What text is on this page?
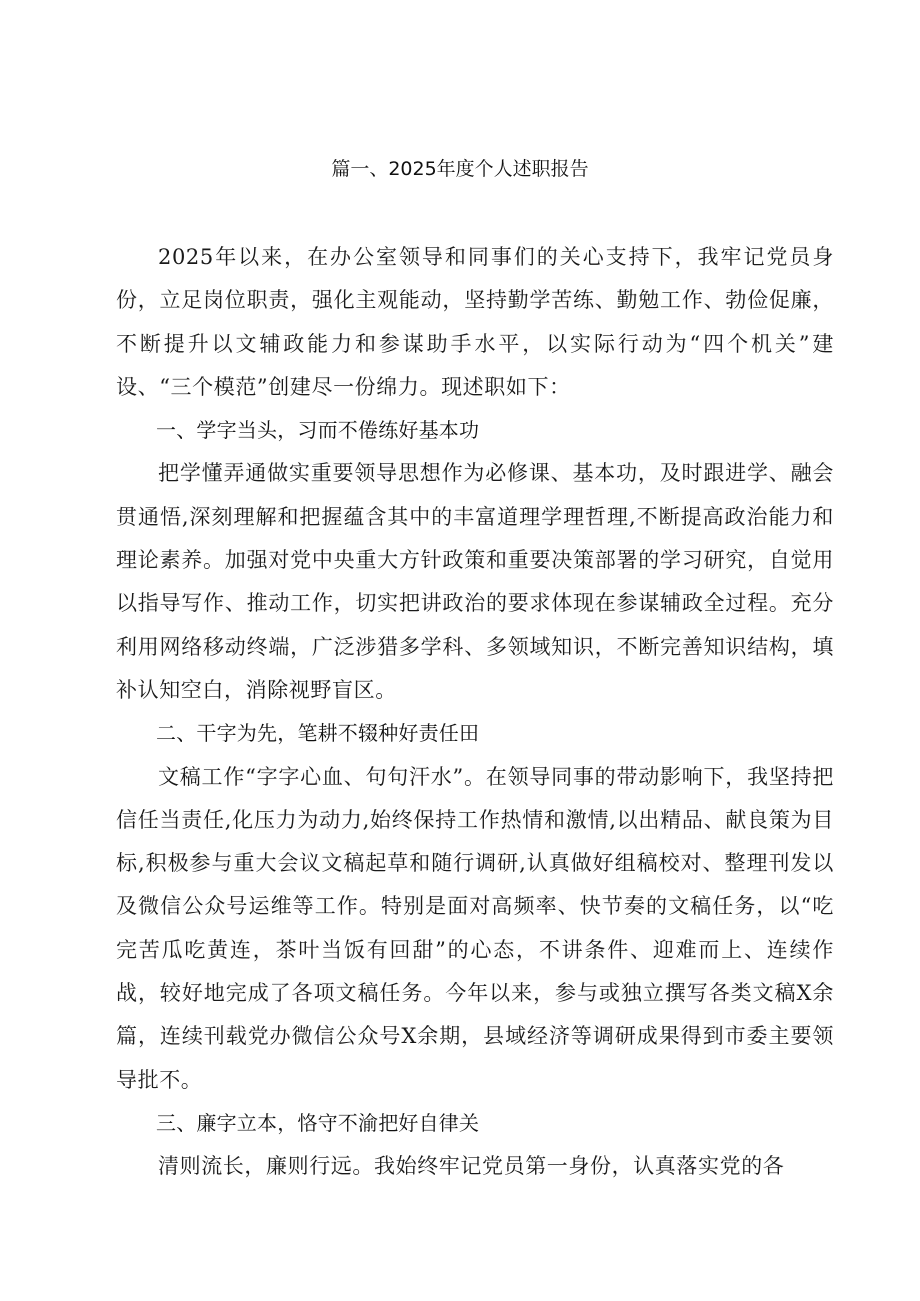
篇一、2025年度个人述职报告

2025年以来，在办公室领导和同事们的关心支持下，我牢记党员身份，立足岗位职责，强化主观能动，坚持勤学苦练、勤勉工作、勃俭促廉，不断提升以文辅政能力和参谋助手水平，以实际行动为“四个机关”建设、“三个模范”创建尽一份绵力。现述职如下：

一、学字当头，习而不倦练好基本功

把学懂弄通做实重要领导思想作为必修课、基本功，及时跟进学、融会贯通悟,深刻理解和把握蕴含其中的丰富道理学理哲理,不断提高政治能力和理论素养。加强对党中央重大方针政策和重要决策部署的学习研究，自觉用以指导写作、推动工作，切实把讲政治的要求体现在参谋辅政全过程。充分利用网络移动终端，广泛涉猎多学科、多领域知识，不断完善知识结构，填补认知空白，消除视野盲区。

二、干字为先，笔耕不辍种好责任田

文稿工作“字字心血、句句汗水”。在领导同事的带动影响下，我坚持把信任当责任,化压力为动力,始终保持工作热情和激情,以出精品、献良策为目标,积极参与重大会议文稿起草和随行调研,认真做好组稿校对、整理刊发以及微信公众号运维等工作。特别是面对高频率、快节奏的文稿任务，以“吃完苦瓜吃黄连，茶叶当饭有回甜”的心态，不讲条件、迎难而上、连续作战，较好地完成了各项文稿任务。今年以来，参与或独立撰写各类文稿X余篇，连续刊载党办微信公众号X余期，县域经济等调研成果得到市委主要领导批不。

三、廉字立本，恪守不渝把好自律关

清则流长，廉则行远。我始终牢记党员第一身份，认真落实党的各
